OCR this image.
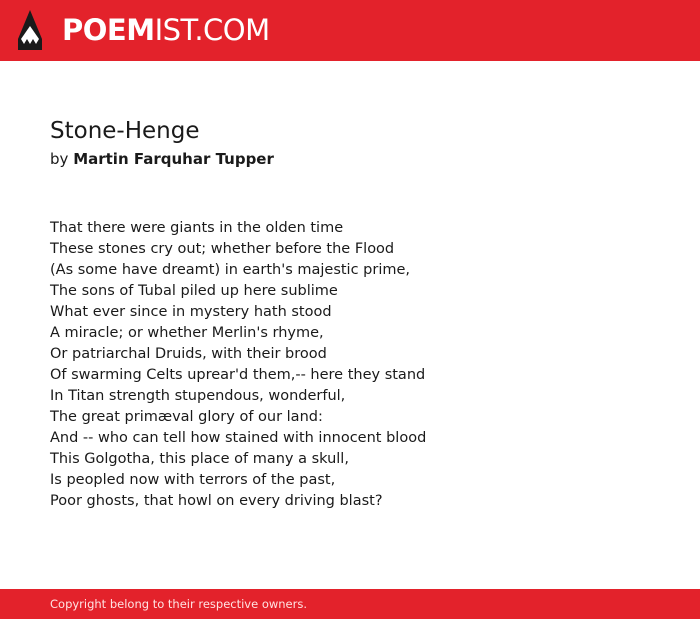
POEMIST.COM
Stone-Henge
by Martin Farquhar Tupper
That there were giants in the olden time
These stones cry out; whether before the Flood
(As some have dreamt) in earth's majestic prime,
The sons of Tubal piled up here sublime
What ever since in mystery hath stood
A miracle; or whether Merlin's rhyme,
Or patriarchal Druids, with their brood
Of swarming Celts uprear'd them,-- here they stand
In Titan strength stupendous, wonderful,
The great primæval glory of our land:
And -- who can tell how stained with innocent blood
This Golgotha, this place of many a skull,
Is peopled now with terrors of the past,
Poor ghosts, that howl on every driving blast?
Copyright belong to their respective owners.
